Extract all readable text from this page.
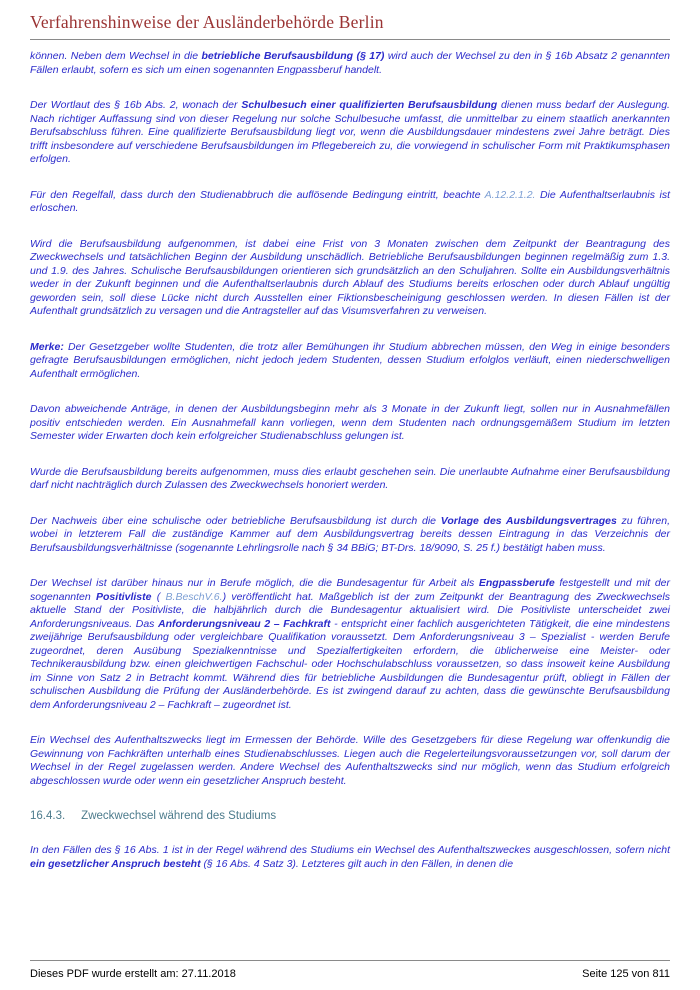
Verfahrenshinweise der Ausländerbehörde Berlin

können. Neben dem Wechsel in die betriebliche Berufsausbildung (§ 17) wird auch der Wechsel zu den in § 16b Absatz 2 genannten Fällen erlaubt, sofern es sich um einen sogenannten Engpassberuf handelt.

Der Wortlaut des § 16b Abs. 2, wonach der Schulbesuch einer qualifizierten Berufsausbildung dienen muss bedarf der Auslegung. Nach richtiger Auffassung sind von dieser Regelung nur solche Schulbesuche umfasst, die unmittelbar zu einem staatlich anerkannten Berufsabschluss führen. Eine qualifizierte Berufsausbildung liegt vor, wenn die Ausbildungsdauer mindestens zwei Jahre beträgt. Dies trifft insbesondere auf verschiedene Berufsausbildungen im Pflegebereich zu, die vorwiegend in schulischer Form mit Praktikumsphasen erfolgen.

Für den Regelfall, dass durch den Studienabbruch die auflösende Bedingung eintritt, beachte A.12.2.1.2. Die Aufenthaltserlaubnis ist erloschen.

Wird die Berufsausbildung aufgenommen, ist dabei eine Frist von 3 Monaten zwischen dem Zeitpunkt der Beantragung des Zweckwechsels und tatsächlichen Beginn der Ausbildung unschädlich. Betriebliche Berufsausbildungen beginnen regelmäßig zum 1.3. und 1.9. des Jahres. Schulische Berufsausbildungen orientieren sich grundsätzlich an den Schuljahren. Sollte ein Ausbildungsverhältnis weder in der Zukunft beginnen und die Aufenthaltserlaubnis durch Ablauf des Studiums bereits erloschen oder durch Ablauf ungültig geworden sein, soll diese Lücke nicht durch Ausstellen einer Fiktionsbescheinigung geschlossen werden. In diesen Fällen ist der Aufenthalt grundsätzlich zu versagen und die Antragsteller auf das Visumsverfahren zu verweisen.

Merke: Der Gesetzgeber wollte Studenten, die trotz aller Bemühungen ihr Studium abbrechen müssen, den Weg in einige besonders gefragte Berufsausbildungen ermöglichen, nicht jedoch jedem Studenten, dessen Studium erfolglos verläuft, einen niederschwelligen Aufenthalt ermöglichen.

Davon abweichende Anträge, in denen der Ausbildungsbeginn mehr als 3 Monate in der Zukunft liegt, sollen nur in Ausnahmefällen positiv entschieden werden. Ein Ausnahmefall kann vorliegen, wenn dem Studenten nach ordnungsgemäßem Studium im letzten Semester wider Erwarten doch kein erfolgreicher Studienabschluss gelungen ist.

Wurde die Berufsausbildung bereits aufgenommen, muss dies erlaubt geschehen sein. Die unerlaubte Aufnahme einer Berufsausbildung darf nicht nachträglich durch Zulassen des Zweckwechsels honoriert werden.

Der Nachweis über eine schulische oder betriebliche Berufsausbildung ist durch die Vorlage des Ausbildungsvertrages zu führen, wobei in letzterem Fall die zuständige Kammer auf dem Ausbildungsvertrag bereits dessen Eintragung in das Verzeichnis der Berufsausbildungsverhältnisse (sogenannte Lehrlingsrolle nach § 34 BBiG; BT-Drs. 18/9090, S. 25 f.) bestätigt haben muss.

Der Wechsel ist darüber hinaus nur in Berufe möglich, die die Bundesagentur für Arbeit als Engpassberufe festgestellt und mit der sogenannten Positivliste ( B.BeschV.6.) veröffentlicht hat. Maßgeblich ist der zum Zeitpunkt der Beantragung des Zweckwechsels aktuelle Stand der Positivliste, die halbjährlich durch die Bundesagentur aktualisiert wird. Die Positivliste unterscheidet zwei Anforderungsniveaus. Das Anforderungsniveau 2 – Fachkraft - entspricht einer fachlich ausgerichteten Tätigkeit, die eine mindestens zweijährige Berufsausbildung oder vergleichbare Qualifikation voraussetzt. Dem Anforderungsniveau 3 – Spezialist - werden Berufe zugeordnet, deren Ausübung Spezialkenntnisse und Spezialfertigkeiten erfordern, die üblicherweise eine Meister- oder Technikerausbildung bzw. einen gleichwertigen Fachschul- oder Hochschulabschluss voraussetzen, so dass insoweit keine Ausbildung im Sinne von Satz 2 in Betracht kommt. Während dies für betriebliche Ausbildungen die Bundesagentur prüft, obliegt in Fällen der schulischen Ausbildung die Prüfung der Ausländerbehörde. Es ist zwingend darauf zu achten, dass die gewünschte Berufsausbildung dem Anforderungsniveau 2 – Fachkraft – zugeordnet ist.

Ein Wechsel des Aufenthaltszwecks liegt im Ermessen der Behörde. Wille des Gesetzgebers für diese Regelung war offenkundig die Gewinnung von Fachkräften unterhalb eines Studienabschlusses. Liegen auch die Regelerteilungsvoraussetzungen vor, soll darum der Wechsel in der Regel zugelassen werden. Andere Wechsel des Aufenthaltszwecks sind nur möglich, wenn das Studium erfolgreich abgeschlossen wurde oder wenn ein gesetzlicher Anspruch besteht.

16.4.3. Zweckwechsel während des Studiums

In den Fällen des § 16 Abs. 1 ist in der Regel während des Studiums ein Wechsel des Aufenthaltszweckes ausgeschlossen, sofern nicht ein gesetzlicher Anspruch besteht (§ 16 Abs. 4 Satz 3). Letzteres gilt auch in den Fällen, in denen die

Dieses PDF wurde erstellt am: 27.11.2018	Seite 125 von 811
